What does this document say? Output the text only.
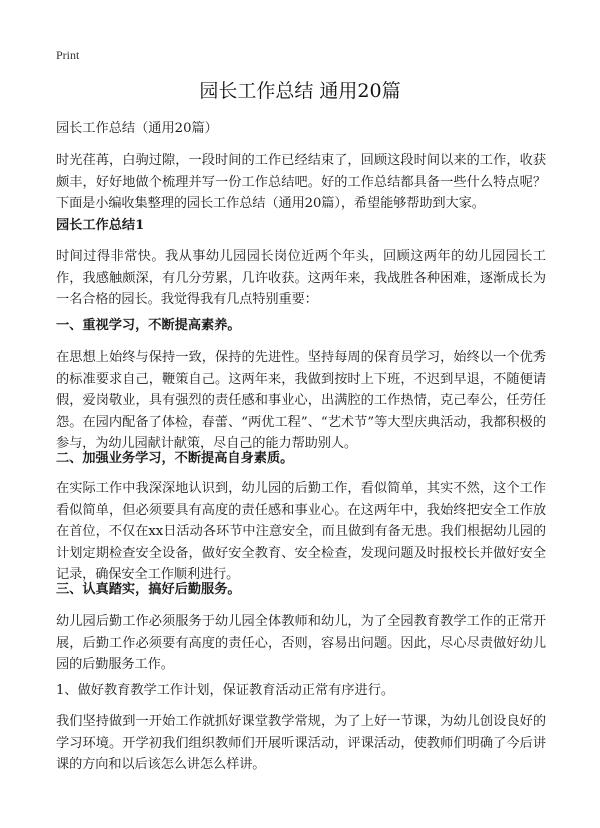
Print
园长工作总结 通用20篇
园长工作总结（通用20篇）

时光荏苒，白驹过隙，一段时间的工作已经结束了，回顾这段时间以来的工作，收获颇丰，好好地做个梳理并写一份工作总结吧。好的工作总结都具备一些什么特点呢？下面是小编收集整理的园长工作总结（通用20篇），希望能够帮助到大家。

园长工作总结1

时间过得非常快。我从事幼儿园园长岗位近两个年头，回顾这两年的幼儿园园长工作，我感触颇深，有几分劳累，几许收获。这两年来，我战胜各种困难，逐渐成长为一名合格的园长。我觉得我有几点特别重要：

一、重视学习，不断提高素养。

在思想上始终与保持一致，保持的先进性。坚持每周的保育员学习，始终以一个优秀的标准要求自己，鞭策自己。这两年来，我做到按时上下班，不迟到早退，不随便请假，爱岗敬业，具有强烈的责任感和事业心，出满腔的工作热情，克己奉公，任劳任怨。在园内配备了体检，春蕾、“两优工程”、“艺术节”等大型庆典活动，我都积极的参与，为幼儿园献计献策，尽自己的能力帮助别人。

二、加强业务学习，不断提高自身素质。

在实际工作中我深深地认识到，幼儿园的后勤工作，看似简单，其实不然，这个工作看似简单，但必须要具有高度的责任感和事业心。在这两年中，我始终把安全工作放在首位，不仅在xx日活动各环节中注意安全，而且做到有备无患。我们根据幼儿园的计划定期检查安全设备，做好安全教育、安全检查，发现问题及时报校长并做好安全记录，确保安全工作顺利进行。

三、认真踏实，搞好后勤服务。

幼儿园后勤工作必须服务于幼儿园全体教师和幼儿，为了全园教育教学工作的正常开展，后勤工作必须要有高度的责任心，否则，容易出问题。因此，尽心尽责做好幼儿园的后勤服务工作。

1、做好教育教学工作计划，保证教育活动正常有序进行。

我们坚持做到一开始工作就抓好课堂教学常规，为了上好一节课，为幼儿创设良好的学习环境。开学初我们组织教师们开展听课活动，评课活动，使教师们明确了今后讲课的方向和以后该怎么讲怎么样讲。
